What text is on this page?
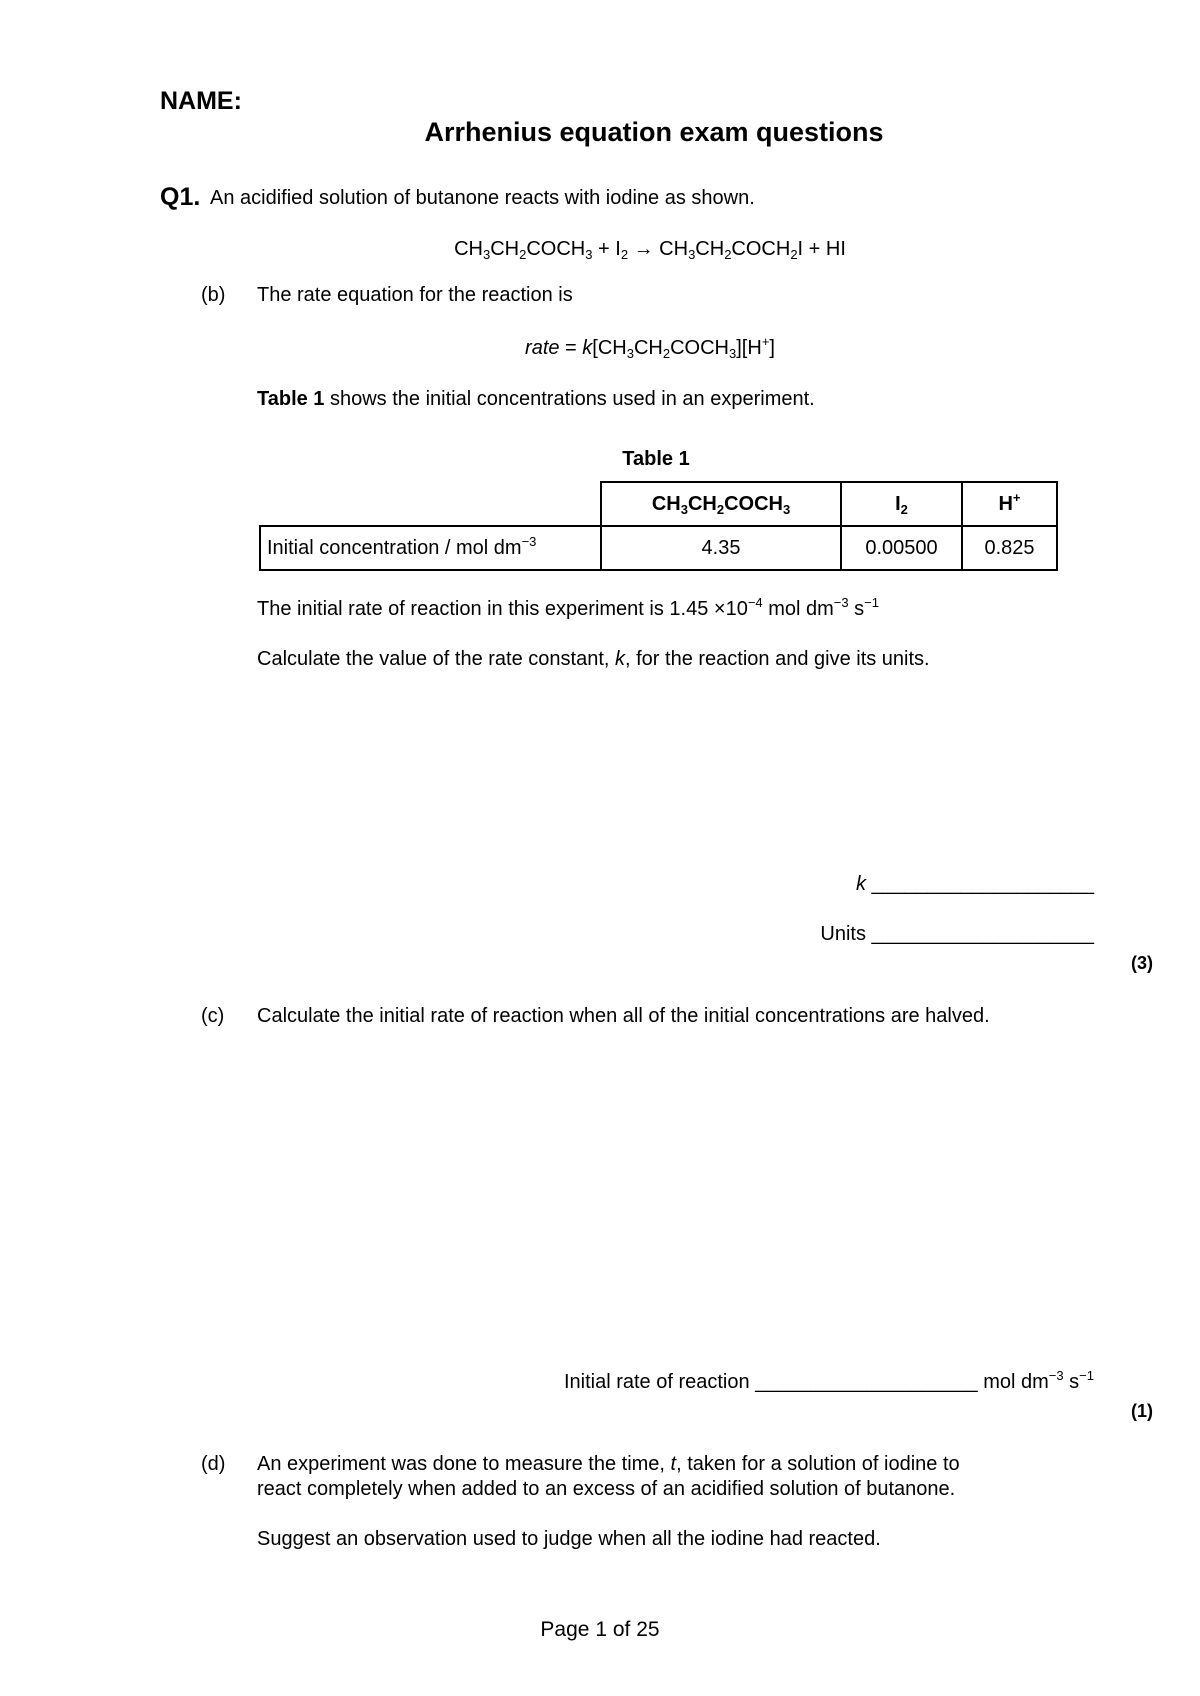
NAME:
Arrhenius equation exam questions
Q1. An acidified solution of butanone reacts with iodine as shown.
$CH_3CH_2COCH_3 + I_2$ → $CH_3CH_2COCH_2I$ + HI
(b) The rate equation for the reaction is
rate = $k[CH_3CH_2COCH_3][H^+]$
Table 1 shows the initial concentrations used in an experiment.
Table 1
	$CH_3CH_2COCH_3$	$I_2$	H+
Initial concentration / mol $dm^{-3}$	4.35	0.00500	0.825
The initial rate of reaction in this experiment is $1.45 \times 10^{-4}$ mol $dm^{-3}$ $s^{-1}$
Calculate the value of the rate constant, k, for the reaction and give its units.
k ____________________
Units ____________________
(3)
(c) Calculate the initial rate of reaction when all of the initial concentrations are halved.
Initial rate of reaction ____________________ mol $dm^{-3}$ $s^{-1}$
(1)
(d) An experiment was done to measure the time, t, taken for a solution of iodine to
react completely when added to an excess of an acidified solution of butanone.
Suggest an observation used to judge when all the iodine had reacted.
Page 1 of 25
